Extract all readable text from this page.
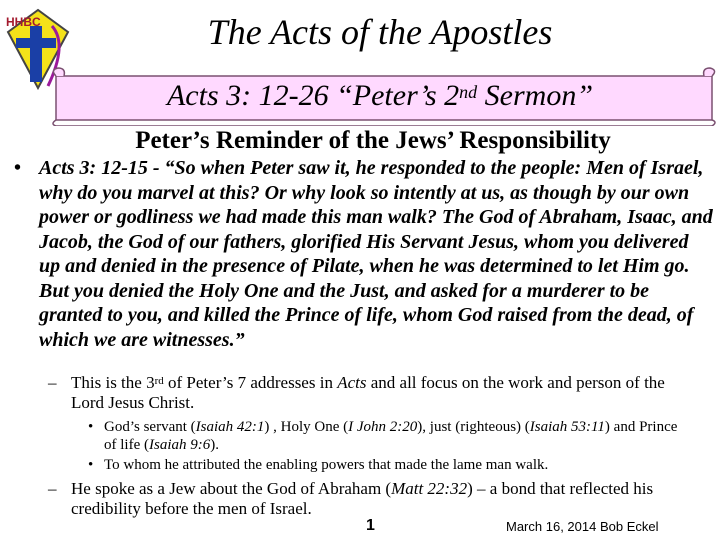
HHBC	The Acts of the Apostles
Acts 3: 12-26 “Peter’s 2nd Sermon”
Peter’s Reminder of the Jews’ Responsibility
• Acts 3: 12-15 - “So when Peter saw it, he responded to the people: Men of Israel, why do you marvel at this? Or why look so intently at us, as though by our own power or godliness we had made this man walk? The God of Abraham, Isaac, and Jacob, the God of our fathers, glorified His Servant Jesus, whom you delivered up and denied in the presence of Pilate, when he was determined to let Him go. But you denied the Holy One and the Just, and asked for a murderer to be granted to you, and killed the Prince of life, whom God raised from the dead, of which we are witnesses.”
– This is the 3rd of Peter’s 7 addresses in Acts and all focus on the work and person of the Lord Jesus Christ.
• God’s servant (Isaiah 42:1) , Holy One (I John 2:20), just (righteous) (Isaiah 53:11) and Prince of life (Isaiah 9:6).
• To whom he attributed the enabling powers that made the lame man walk.
– He spoke as a Jew about the God of Abraham (Matt 22:32) – a bond that reflected his credibility before the men of Israel.
1	March 16, 2014 Bob Eckel
